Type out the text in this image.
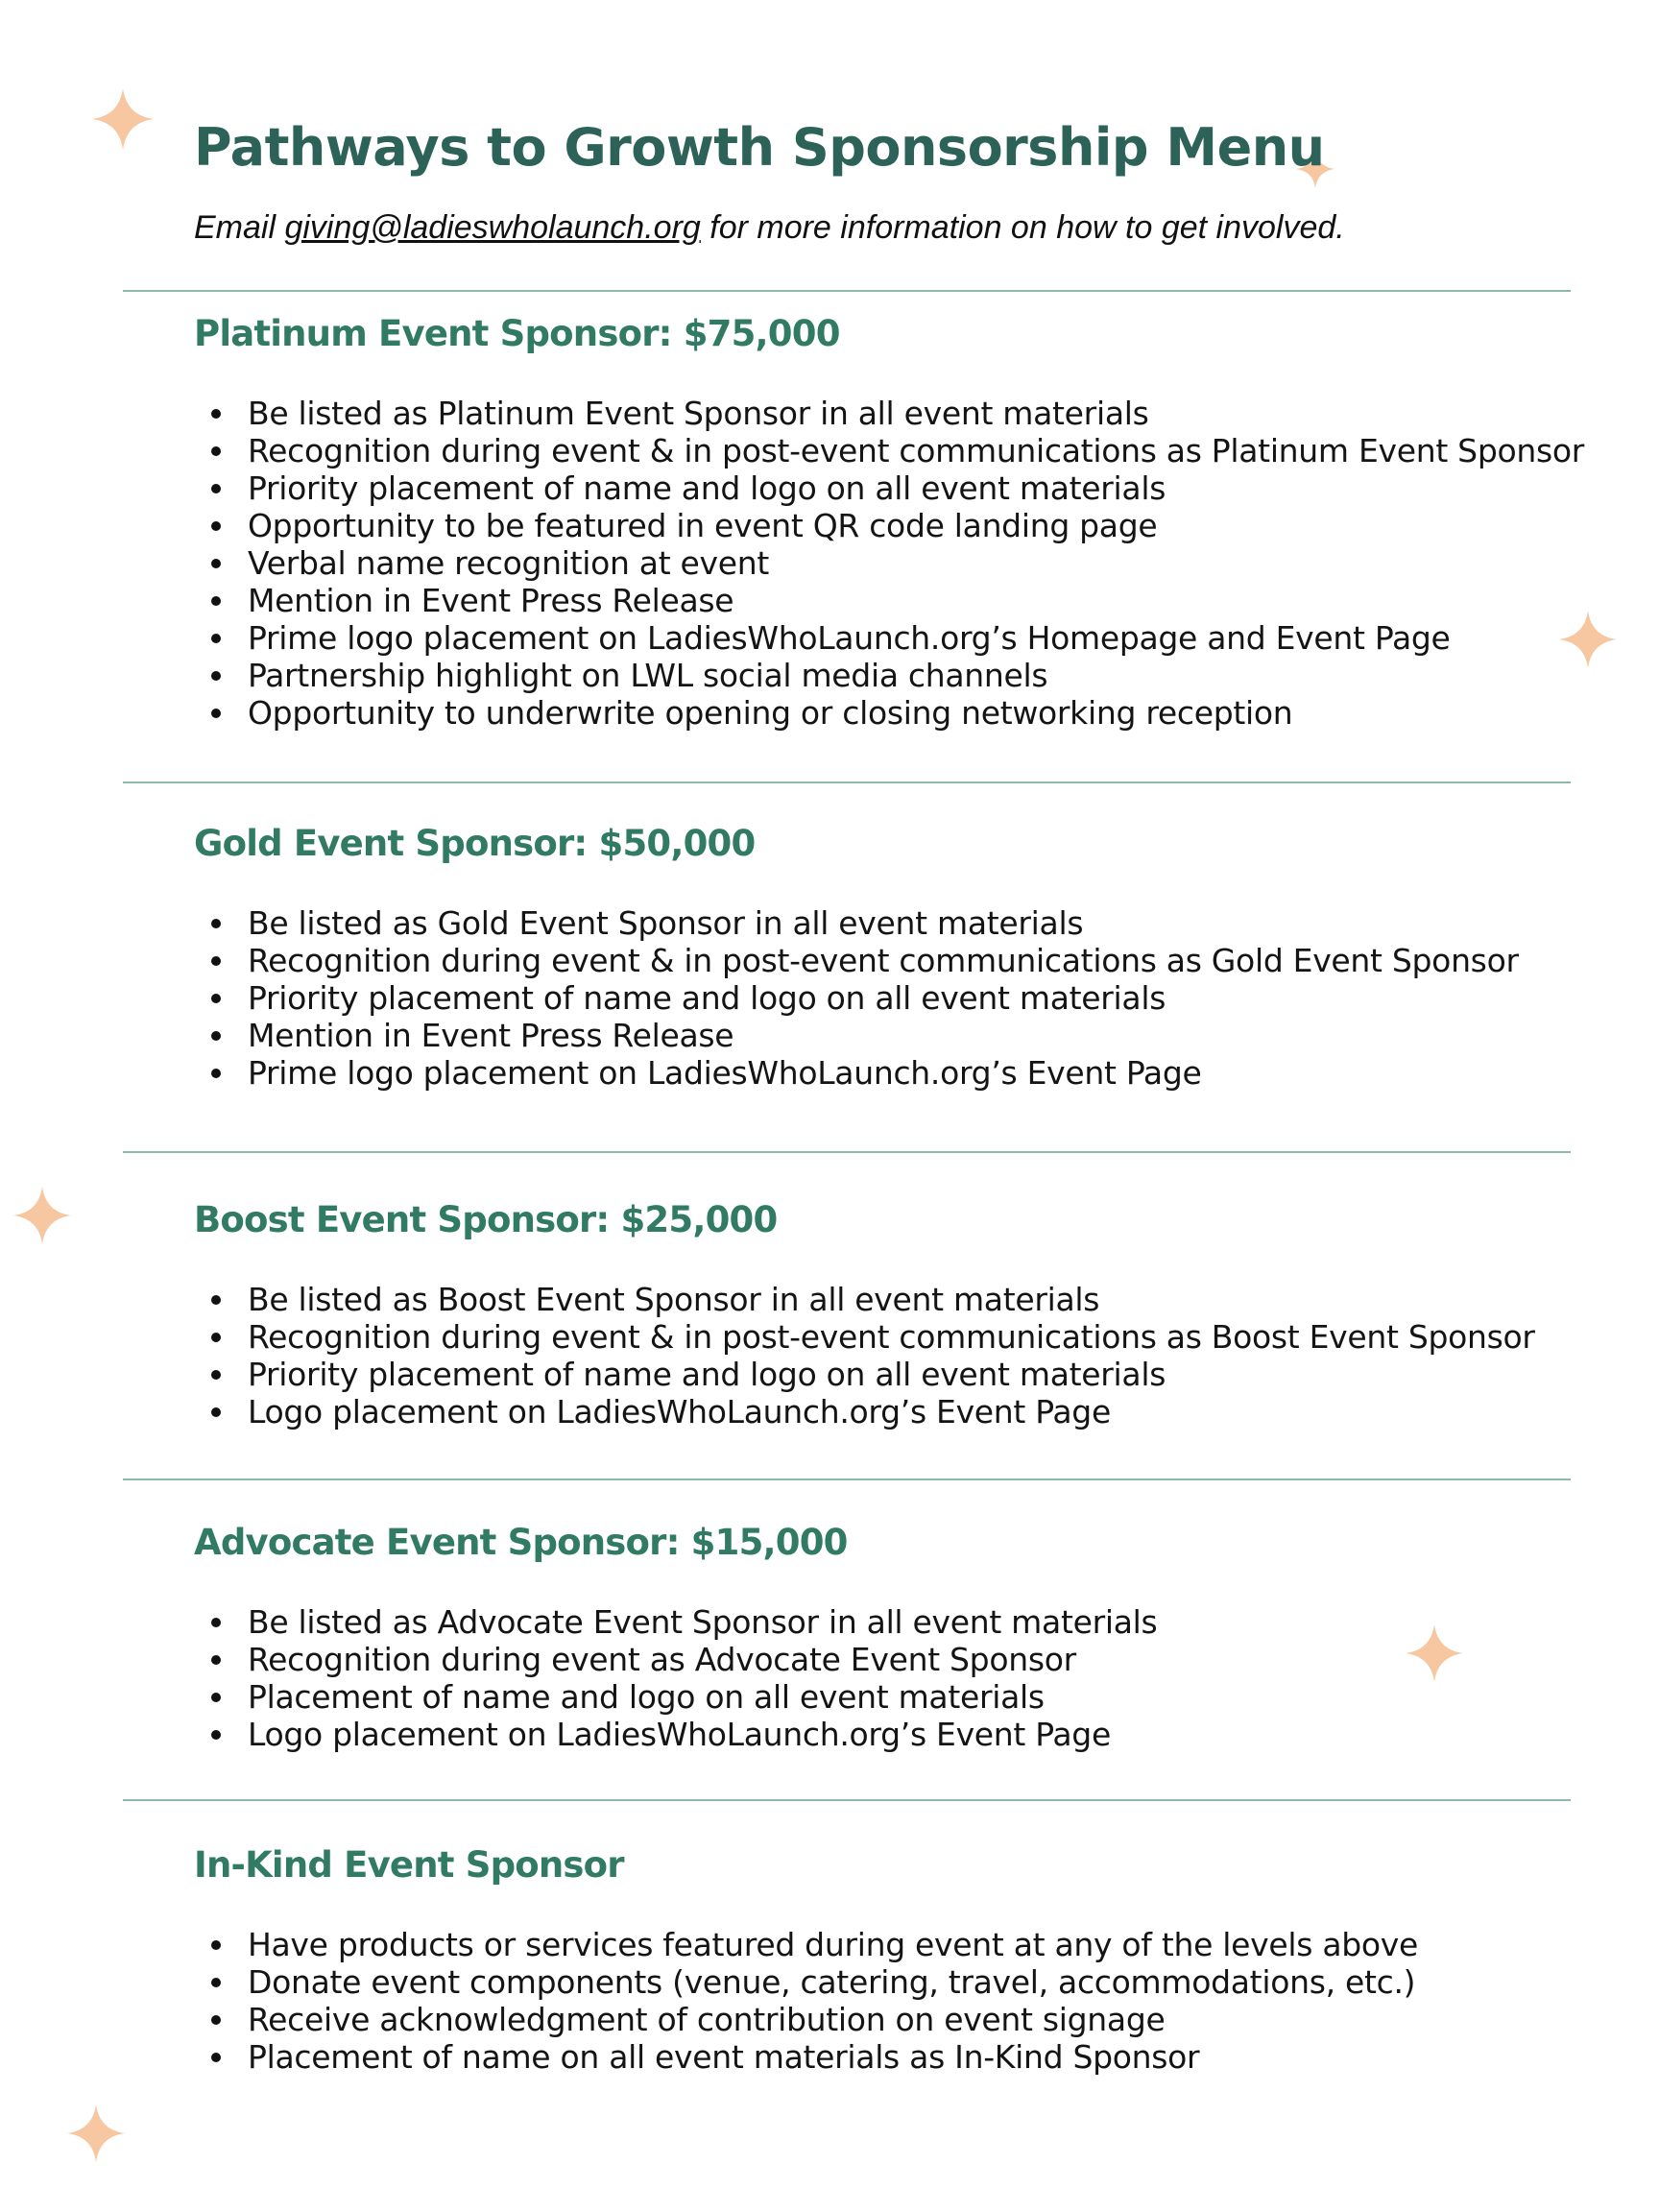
Pathways to Growth Sponsorship Menu

Email giving@ladieswholaunch.org for more information on how to get involved.

Platinum Event Sponsor: $75,000
Be listed as Platinum Event Sponsor in all event materials
Recognition during event & in post-event communications as Platinum Event Sponsor
Priority placement of name and logo on all event materials
Opportunity to be featured in event QR code landing page
Verbal name recognition at event
Mention in Event Press Release
Prime logo placement on LadiesWhoLaunch.org’s Homepage and Event Page
Partnership highlight on LWL social media channels
Opportunity to underwrite opening or closing networking reception
Gold Event Sponsor: $50,000
Be listed as Gold Event Sponsor in all event materials
Recognition during event & in post-event communications as Gold Event Sponsor
Priority placement of name and logo on all event materials
Mention in Event Press Release
Prime logo placement on LadiesWhoLaunch.org’s Event Page
Boost Event Sponsor: $25,000
Be listed as Boost Event Sponsor in all event materials
Recognition during event & in post-event communications as Boost Event Sponsor
Priority placement of name and logo on all event materials
Logo placement on LadiesWhoLaunch.org’s Event Page
Advocate Event Sponsor: $15,000
Be listed as Advocate Event Sponsor in all event materials
Recognition during event as Advocate Event Sponsor
Placement of name and logo on all event materials
Logo placement on LadiesWhoLaunch.org’s Event Page
In-Kind Event Sponsor
Have products or services featured during event at any of the levels above
Donate event components (venue, catering, travel, accommodations, etc.)
Receive acknowledgment of contribution on event signage
Placement of name on all event materials as In-Kind Sponsor
